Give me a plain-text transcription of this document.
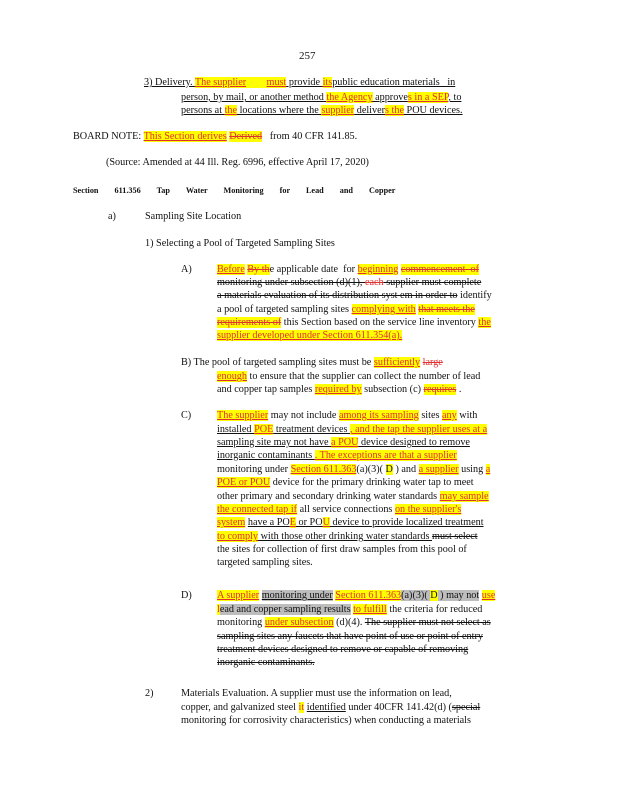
257
3) Delivery. The supplier must provide itspublic education materials   in
person, by mail, or another method the Agency approves in a SEP, to
persons at the locations where the supplier delivers the POU devices.
BOARD NOTE: This Section derives Derived   from 40 CFR 141.85.
(Source: Amended at 44 Ill. Reg. 6996, effective April 17, 2020)
Section 611.356 Tap Water Monitoring for Lead and Copper
a)	Sampling Site Location
1) Selecting a Pool of Targeted Sampling Sites
A) Before By the applicable date  for beginning commencement  of
monitoring under subsection (d)(1), each supplier must complete
a materials evaluation of its distribution syst em in order to identify
a pool of targeted sampling sites complying with that meets the
requirements of this Section based on the service line inventory the
supplier developed under Section 611.354(a).
B) The pool of targeted sampling sites must be sufficiently large
enough to ensure that the supplier can collect the number of lead
and copper tap samples required by subsection (c) requires .
C)	The supplier may not include among its sampling sites any with
installed POE treatment devices , and the tap the supplier uses at a
sampling site may not have a POU device designed to remove
inorganic contaminants . The exceptions are that a supplier
monitoring under Section 611.363(a)(3)( D ) and a supplier using a
POE or POU device for the primary drinking water tap to meet
other primary and secondary drinking water standards may sample
the connected tap if all service connections on the supplier's
system have a POE or POU device to provide localized treatment
to comply with those other drinking water standards must select
the sites for collection of first draw samples from this pool of
targeted sampling sites.
D) A supplier monitoring under Section 611.363(a)(3)( D ) may not use
lead and copper sampling results to fulfill the criteria for reduced
monitoring under subsection (d)(4). The supplier must not select as
sampling sites any faucets that have point of use or point of entry
treatment devices designed to remove or capable of removing
inorganic contaminants.
2)	Materials Evaluation. A supplier must use the information on lead,
copper, and galvanized steel it identified under 40CFR 141.42(d) (special
monitoring for corrosivity characteristics) when conducting a materials
